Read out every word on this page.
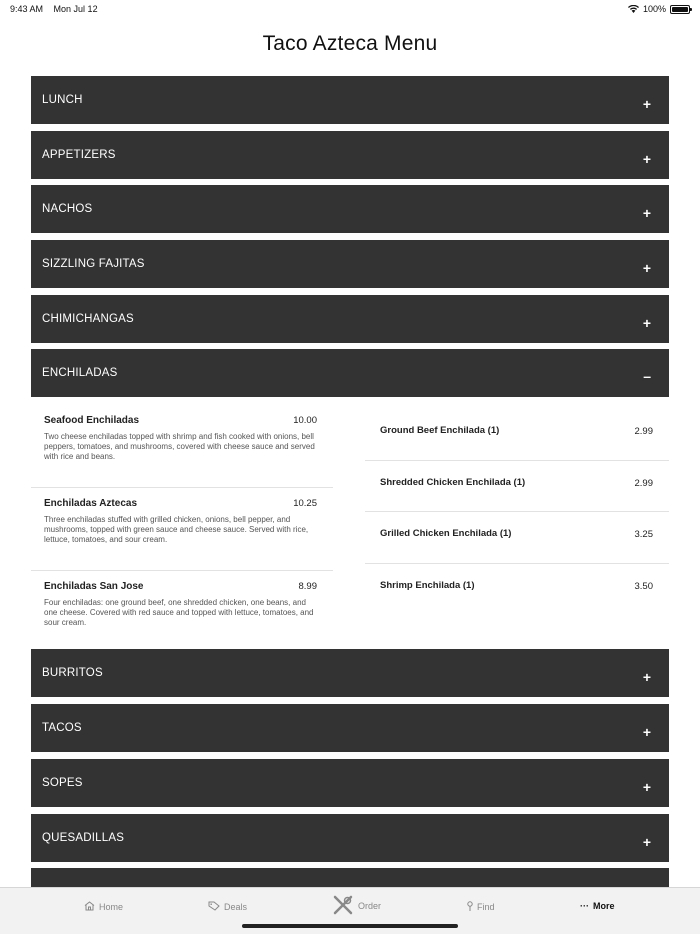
9:43 AM Mon Jul 12	100%
Taco Azteca Menu
LUNCH	+
APPETIZERS	+
NACHOS	+
SIZZLING FAJITAS	+
CHIMICHANGAS	+
ENCHILADAS	–
Seafood Enchiladas	10.00
Two cheese enchiladas topped with shrimp and fish cooked with onions, bell peppers, tomatoes, and mushrooms, covered with cheese sauce and served with rice and beans.
Enchiladas Aztecas	10.25
Three enchiladas stuffed with grilled chicken, onions, bell pepper, and mushrooms, topped with green sauce and cheese sauce. Served with rice, lettuce, tomatoes, and sour cream.
Enchiladas San Jose	8.99
Four enchiladas: one ground beef, one shredded chicken, one beans, and one cheese. Covered with red sauce and topped with lettuce, tomatoes, and sour cream.
Ground Beef Enchilada (1)	2.99
Shredded Chicken Enchilada (1)	2.99
Grilled Chicken Enchilada (1)	3.25
Shrimp Enchilada (1)	3.50
BURRITOS	+
TACOS	+
SOPES	+
QUESADILLAS	+
Home	Deals	Order	Find	··· More
